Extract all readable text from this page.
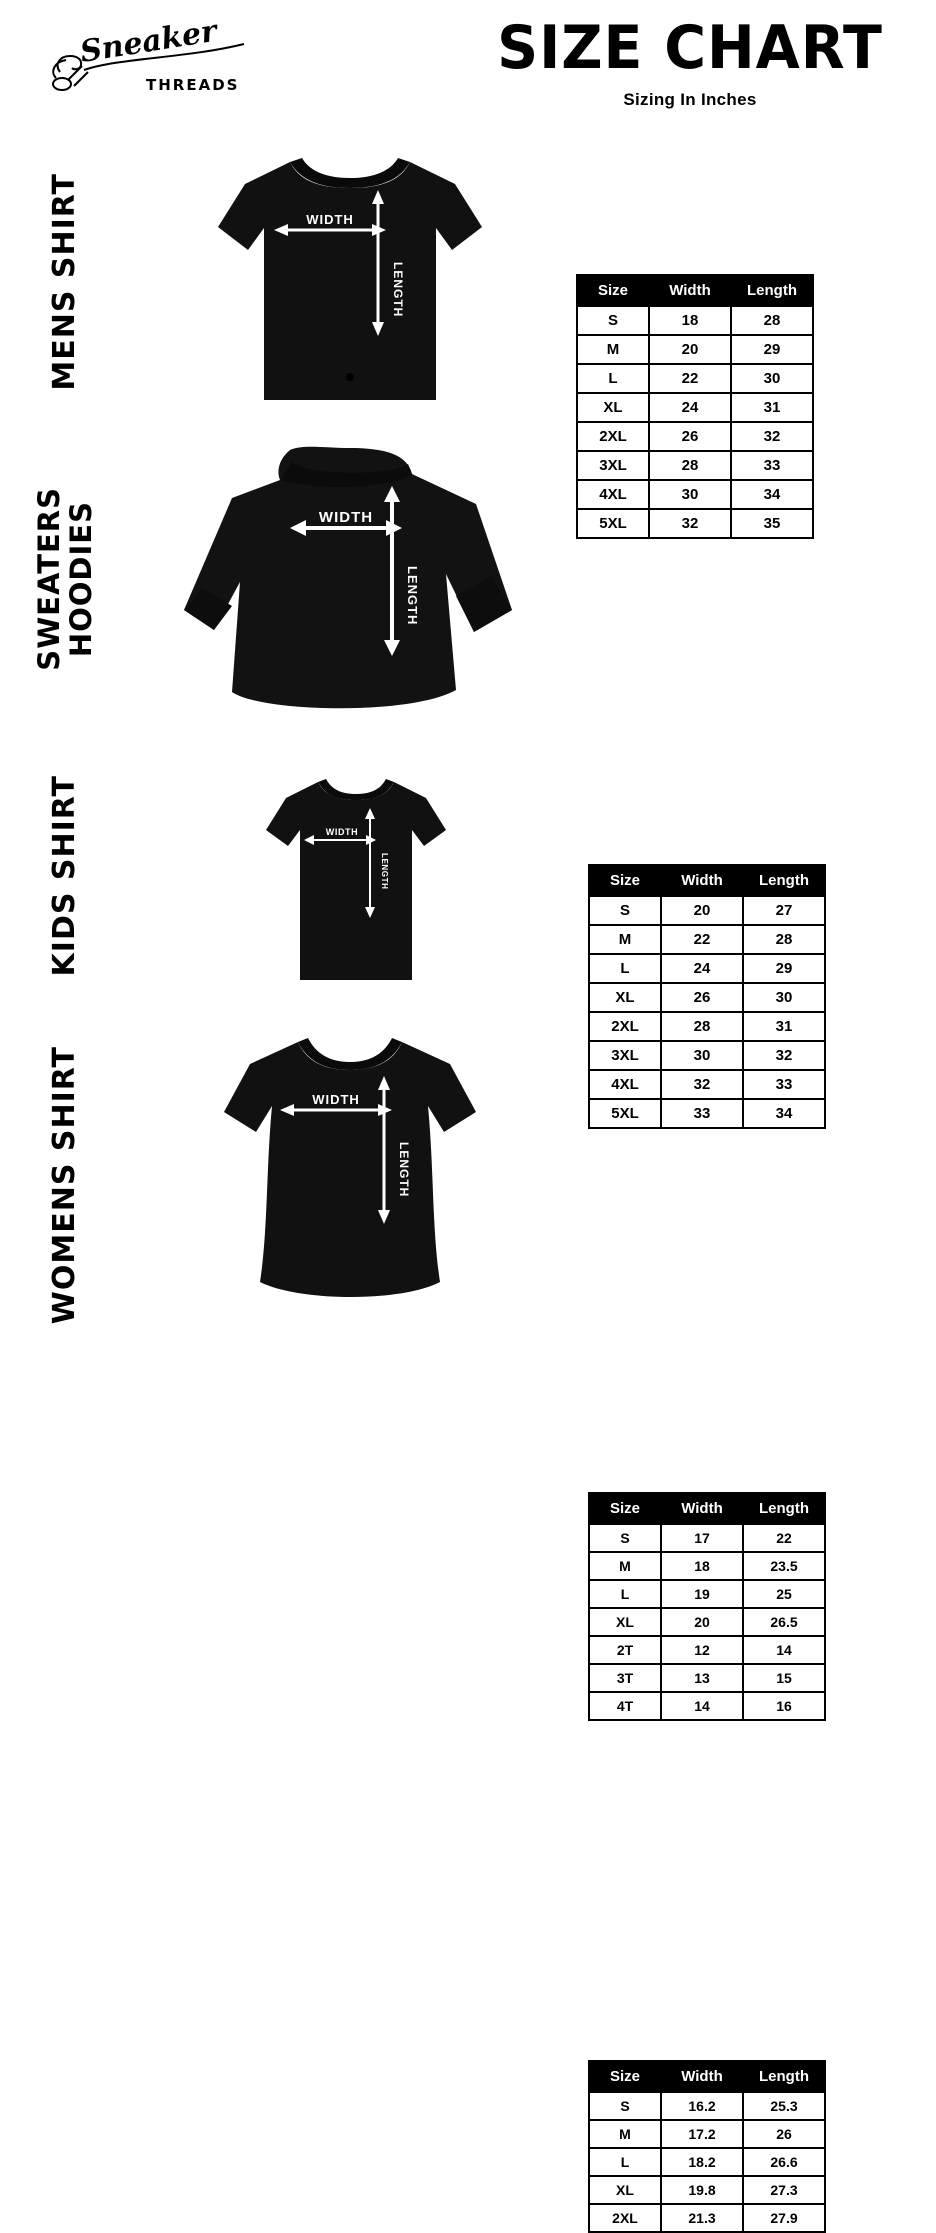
Sneaker
THREADS
SIZE CHART
Sizing In Inches
MENS SHIRT	WIDTH
LENGTH	Size	Width	Length
S	18	28
M	20	29
L	22	30
XL	24	31
2XL	26	32
3XL	28	33
4XL	30	34
5XL	32	35
SWEATERS
HOODIES	WIDTH
LENGTH
Size	Width	Length
S	20	27
M	22	28
L	24	29
XL	26	30
2XL	28	31
3XL	30	32
4XL	32	33
5XL	33	34
KIDS SHIRT	WIDTH
LENGTH
Size	Width	Length
S	17	22
M	18	23.5
L	19	25
XL	20	26.5
2T	12	14
3T	13	15
4T	14	16
WOMENS SHIRT	WIDTH
LENGTH
Size	Width	Length
S	16.2	25.3
M	17.2	26
L	18.2	26.6
XL	19.8	27.3
2XL	21.3	27.9
